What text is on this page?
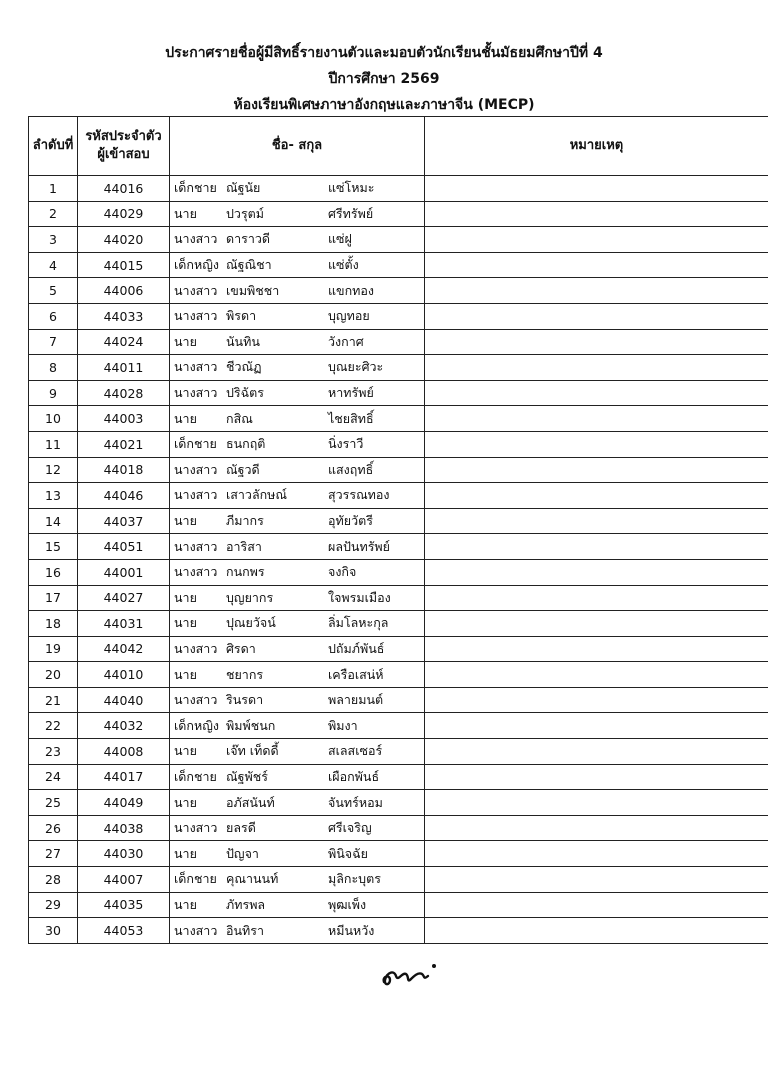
ประกาศรายชื่อผู้มีสิทธิ์รายงานตัวและมอบตัวนักเรียนชั้นมัธยมศึกษาปีที่ 4
ปีการศึกษา 2569
ห้องเรียนพิเศษภาษาอังกฤษและภาษาจีน (MECP)
ลำดับที่	รหัสประจำตัว
ผู้เข้าสอบ	ชื่อ- สกุล	หมายเหตุ
1	44016	เด็กชาย ณัฐนัย แซ่โหมะ	
2	44029	นาย ปวรุตม์ ศรีทรัพย์	
3	44020	นางสาว ดาราวดี แซ่ฝู	
4	44015	เด็กหญิง ณัฐณิชา แซ่ตั้ง	
5	44006	นางสาว เขมพิชชา แขกทอง	
6	44033	นางสาว พิรดา บุญทอย	
7	44024	นาย นันทิน วังกาศ	
8	44011	นางสาว ชีวณัฏ บุณยะศิวะ	
9	44028	นางสาว ปริฉัตร หาทรัพย์	
10	44003	นาย กสิณ ไชยสิทธิ์	
11	44021	เด็กชาย ธนกฤติ นิ่งราวี	
12	44018	นางสาว ณัฐวดี แสงฤทธิ์	
13	44046	นางสาว เสาวลักษณ์ สุวรรณทอง	
14	44037	นาย ภีมากร อุทัยวัตรี	
15	44051	นางสาว อาริสา ผลปันทรัพย์	
16	44001	นางสาว กนกพร จงกิจ	
17	44027	นาย บุญยากร ใจพรมเมือง	
18	44031	นาย ปุณยวัจน์ ลิ่มโลหะกุล	
19	44042	นางสาว ศิรดา ปถัมภ์พันธ์	
20	44010	นาย ชยากร เครือเสน่ห์	
21	44040	นางสาว รินรดา พลายมนต์	
22	44032	เด็กหญิง พิมพ์ชนก พิมงา	
23	44008	นาย เจ๊ท เท็ดดี้ สเลสเซอร์	
24	44017	เด็กชาย ณัฐพัชร์ เผือกพันธ์	
25	44049	นาย อภัสนันท์ จันทร์หอม	
26	44038	นางสาว ยลรดี ศรีเจริญ	
27	44030	นาย ปัญจา พินิจฉัย	
28	44007	เด็กชาย คุณานนท์ มุลิกะบุตร	
29	44035	นาย ภัทรพล พุฒเพ็ง	
30	44053	นางสาว อินทิรา หมีนหวัง	
